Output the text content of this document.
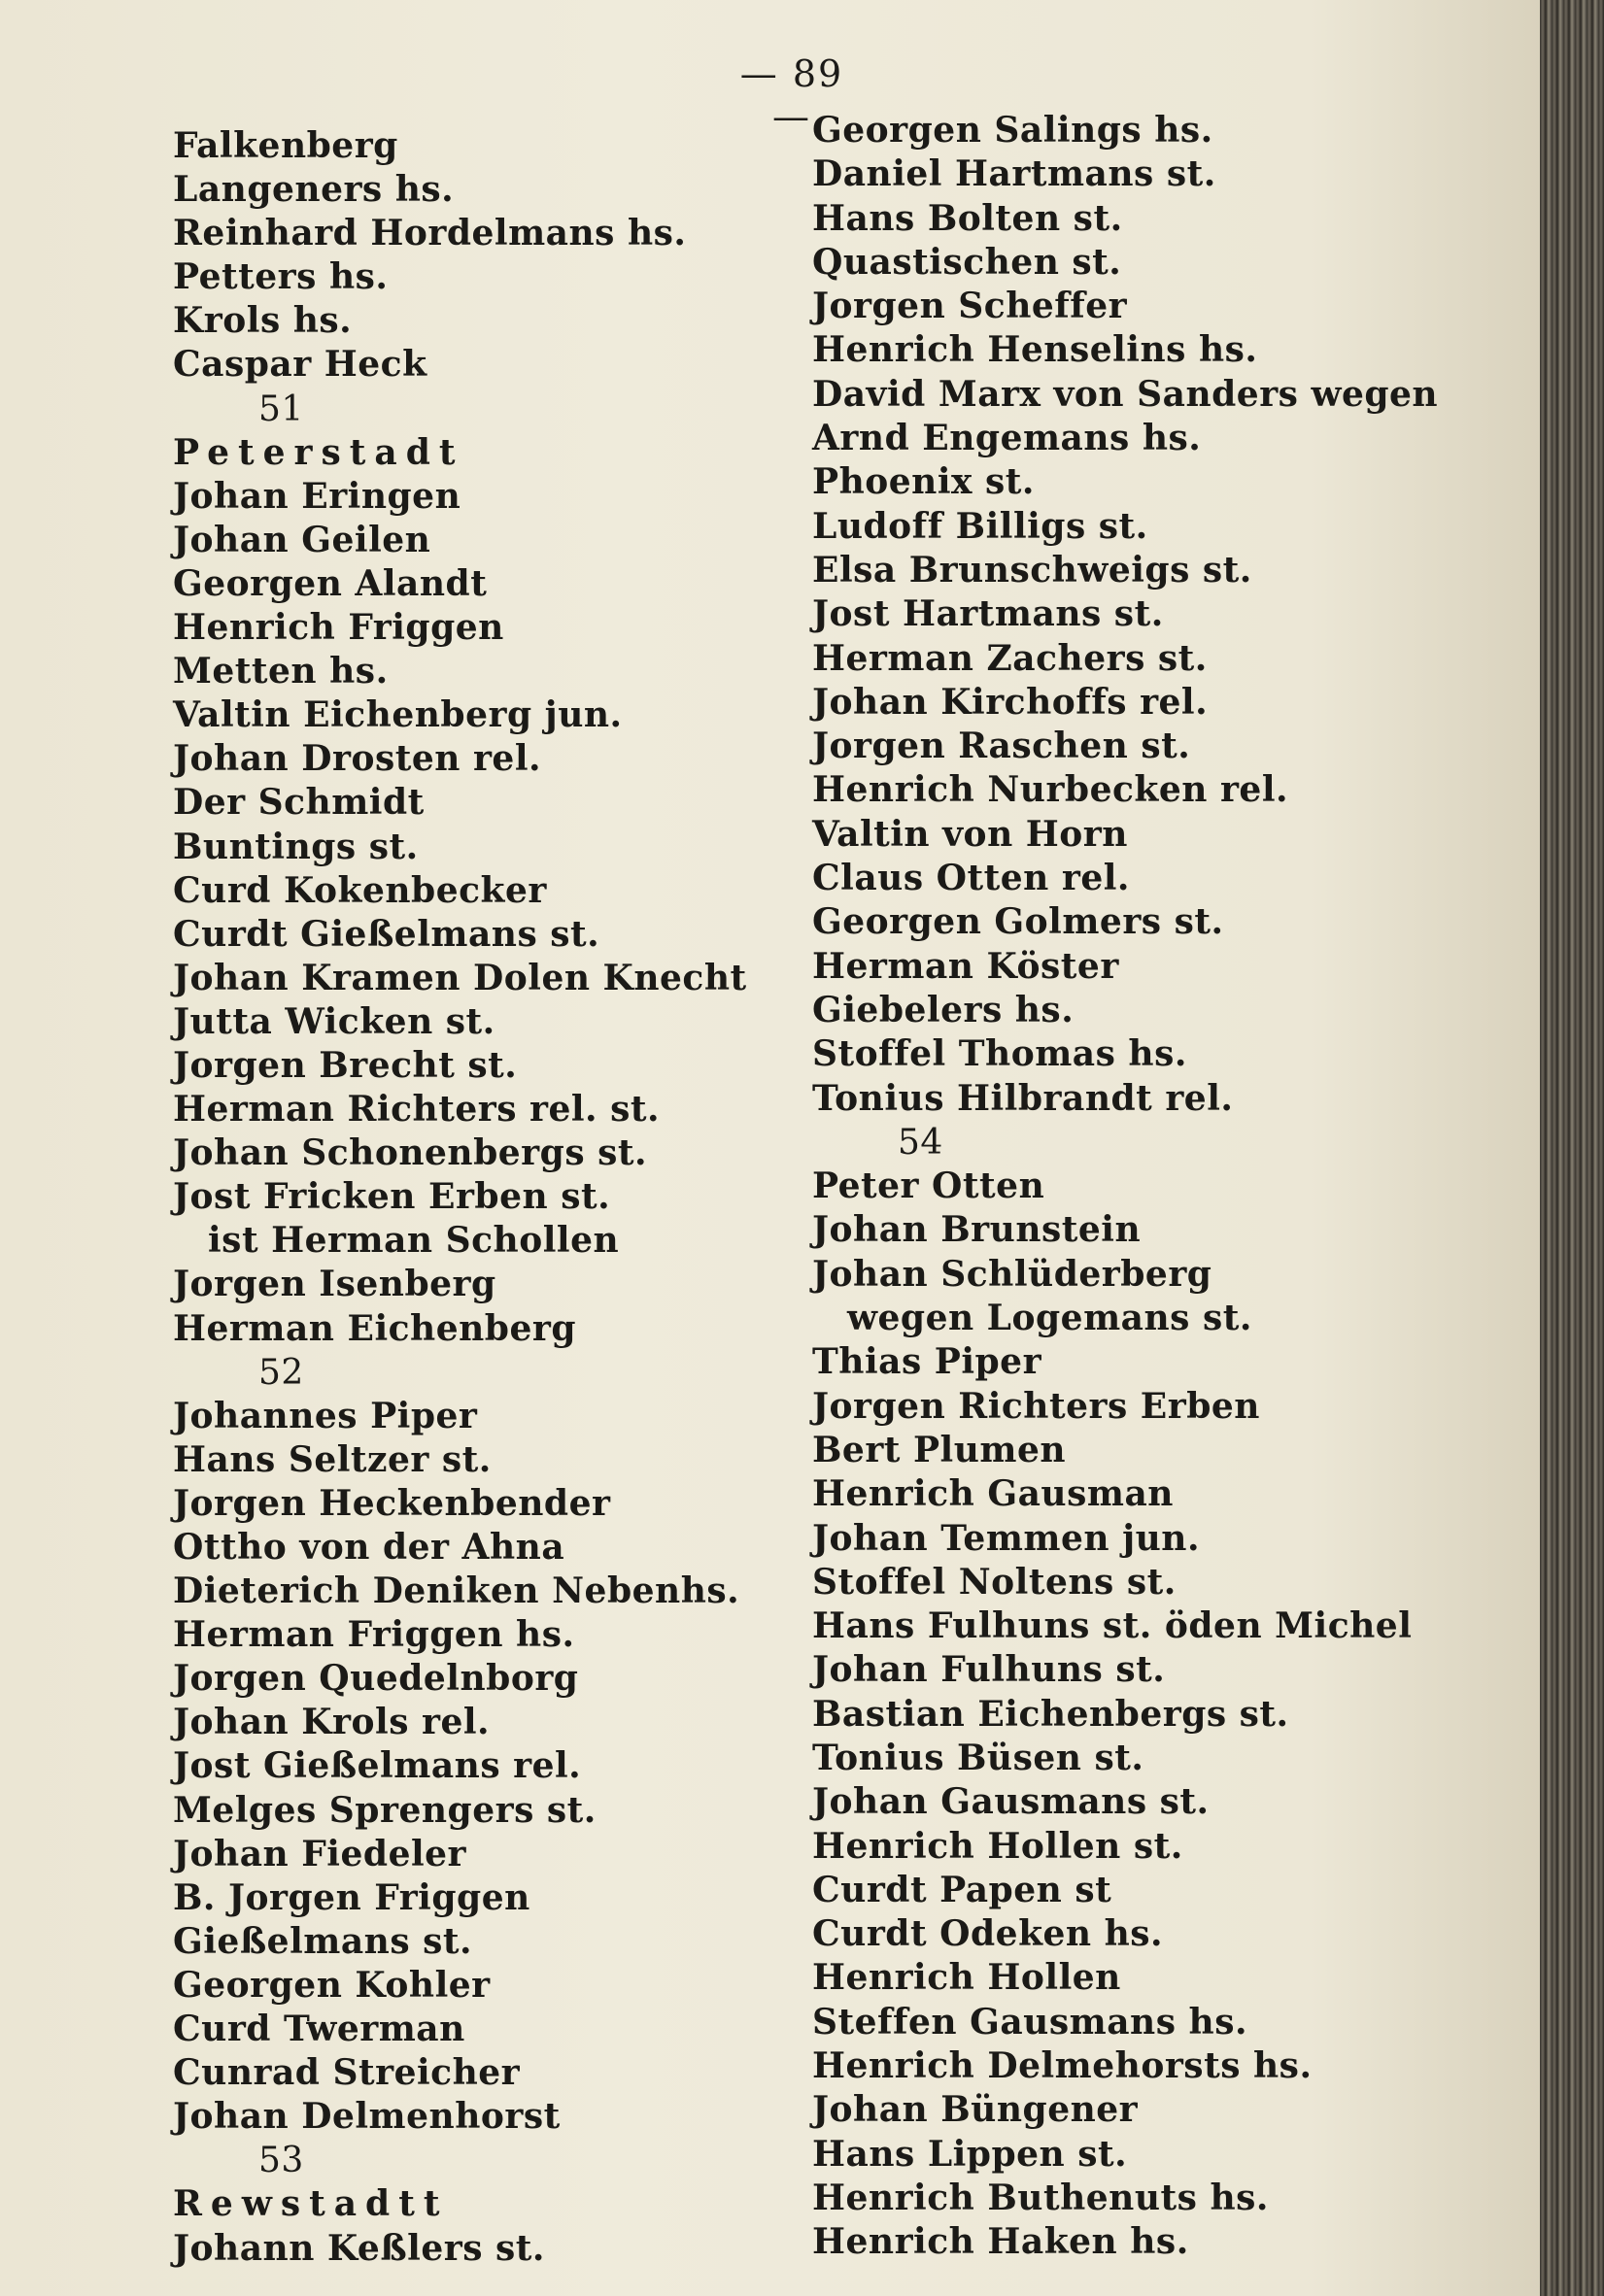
— 89 —
Falkenberg
Langeners hs.
Reinhard Hordelmans hs.
Petters hs.
Krols hs.
Caspar Heck
51
Peterstadt
Johan Eringen
Johan Geilen
Georgen Alandt
Henrich Friggen
Metten hs.
Valtin Eichenberg jun.
Johan Drosten rel.
Der Schmidt
Buntings st.
Curd Kokenbecker
Curdt Gießelmans st.
Johan Kramen Dolen Knecht
Jutta Wicken st.
Jorgen Brecht st.
Herman Richters rel. st.
Johan Schonenbergs st.
Jost Fricken Erben st.
ist Herman Schollen
Jorgen Isenberg
Herman Eichenberg
52
Johannes Piper
Hans Seltzer st.
Jorgen Heckenbender
Ottho von der Ahna
Dieterich Deniken Nebenhs.
Herman Friggen hs.
Jorgen Quedelnborg
Johan Krols rel.
Jost Gießelmans rel.
Melges Sprengers st.
Johan Fiedeler
B. Jorgen Friggen
Gießelmans st.
Georgen Kohler
Curd Twerman
Cunrad Streicher
Johan Delmenhorst
53
Rewstadtt
Johann Keßlers st.
Georgen Salings hs.
Daniel Hartmans st.
Hans Bolten st.
Quastischen st.
Jorgen Scheffer
Henrich Henselins hs.
David Marx von Sanders wegen
Arnd Engemans hs.
Phoenix st.
Ludoff Billigs st.
Elsa Brunschweigs st.
Jost Hartmans st.
Herman Zachers st.
Johan Kirchoffs rel.
Jorgen Raschen st.
Henrich Nurbecken rel.
Valtin von Horn
Claus Otten rel.
Georgen Golmers st.
Herman Köster
Giebelers hs.
Stoffel Thomas hs.
Tonius Hilbrandt rel.
54
Peter Otten
Johan Brunstein
Johan Schlüderberg
wegen Logemans st.
Thias Piper
Jorgen Richters Erben
Bert Plumen
Henrich Gausman
Johan Temmen jun.
Stoffel Noltens st.
Hans Fulhuns st. öden Michel
Johan Fulhuns st.
Bastian Eichenbergs st.
Tonius Büsen st.
Johan Gausmans st.
Henrich Hollen st.
Curdt Papen st
Curdt Odeken hs.
Henrich Hollen
Steffen Gausmans hs.
Henrich Delmehorsts hs.
Johan Büngener
Hans Lippen st.
Henrich Buthenuts hs.
Henrich Haken hs.
